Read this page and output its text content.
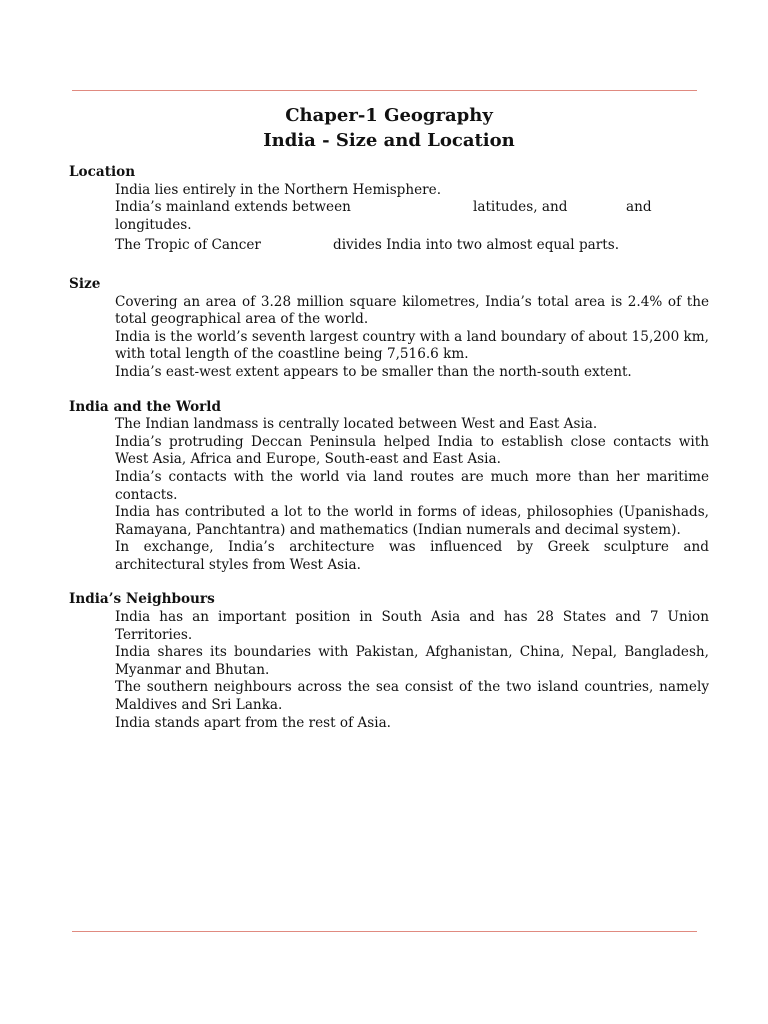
Chaper-1 Geography
India - Size and Location

Location

India lies entirely in the Northern Hemisphere.

India’s mainland extends between	latitudes, and	and

longitudes.

The Tropic of Cancer	divides India into two almost equal parts.

Size

Covering an area of 3.28 million square kilometres, India’s total area is 2.4% of the total geographical area of the world.

India is the world’s seventh largest country with a land boundary of about 15,200 km, with total length of the coastline being 7,516.6 km.

India’s east-west extent appears to be smaller than the north-south extent.

India and the World

The Indian landmass is centrally located between West and East Asia.

India’s protruding Deccan Peninsula helped India to establish close contacts with West Asia, Africa and Europe, South-east and East Asia.

India’s contacts with the world via land routes are much more than her maritime contacts.

India has contributed a lot to the world in forms of ideas, philosophies (Upanishads, Ramayana, Panchtantra) and mathematics (Indian numerals and decimal system).

In exchange, India’s architecture was influenced by Greek sculpture and architectural styles from West Asia.

India’s Neighbours

India has an important position in South Asia and has 28 States and 7 Union Territories.

India shares its boundaries with Pakistan, Afghanistan, China, Nepal, Bangladesh, Myanmar and Bhutan.

The southern neighbours across the sea consist of the two island countries, namely Maldives and Sri Lanka.

India stands apart from the rest of Asia.
